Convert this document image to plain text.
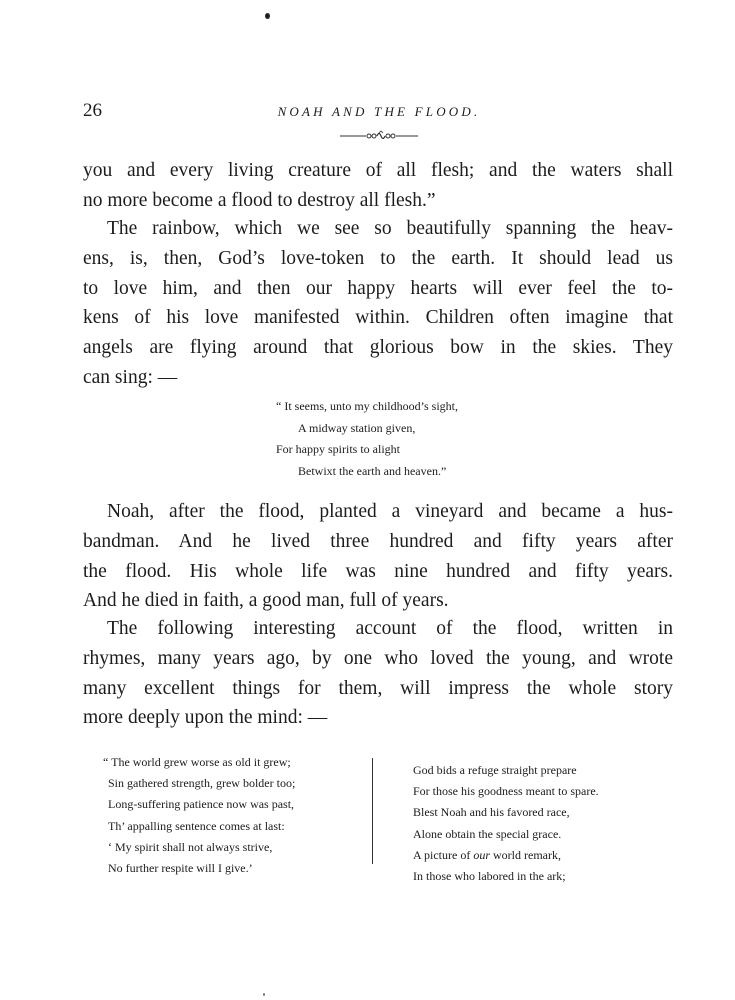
26	NOAH AND THE FLOOD.
you and every living creature of all flesh; and the waters shall
no more become a flood to destroy all flesh.”
The rainbow, which we see so beautifully spanning the heav-
ens, is, then, God’s love-token to the earth. It should lead us
to love him, and then our happy hearts will ever feel the to-
kens of his love manifested within. Children often imagine that
angels are flying around that glorious bow in the skies. They
can sing: —
“ It seems, unto my childhood’s sight,
A midway station given,
For happy spirits to alight
Betwixt the earth and heaven.”
Noah, after the flood, planted a vineyard and became a hus-
bandman. And he lived three hundred and fifty years after
the flood. His whole life was nine hundred and fifty years.
And he died in faith, a good man, full of years.
The following interesting account of the flood, written in
rhymes, many years ago, by one who loved the young, and wrote
many excellent things for them, will impress the whole story
more deeply upon the mind: —
“ The world grew worse as old it grew;
Sin gathered strength, grew bolder too;
Long-suffering patience now was past,
Th’ appalling sentence comes at last:
‘ My spirit shall not always strive,
No further respite will I give.’
God bids a refuge straight prepare
For those his goodness meant to spare.
Blest Noah and his favored race,
Alone obtain the special grace.
A picture of our world remark,
In those who labored in the ark;
